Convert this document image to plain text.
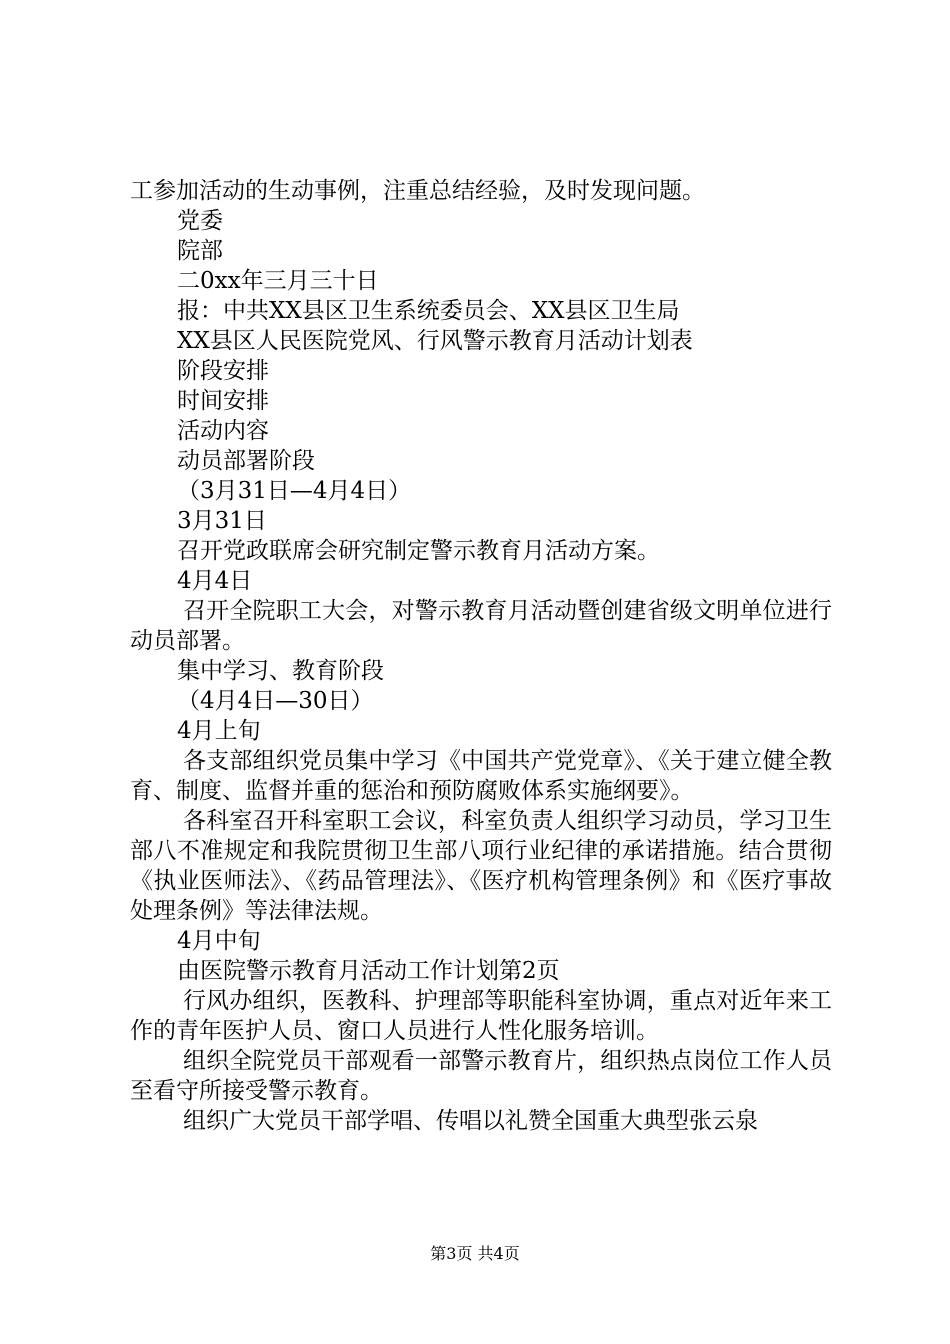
工参加活动的生动事例，注重总结经验，及时发现问题。
党委
院部
二0xx年三月三十日
报：中共XX县区卫生系统委员会、XX县区卫生局
XX县区人民医院党风、行风警示教育月活动计划表
阶段安排
时间安排
活动内容
动员部署阶段
（3月31日—4月4日）
3月31日
召开党政联席会研究制定警示教育月活动方案。
4月4日
召开全院职工大会，对警示教育月活动暨创建省级文明单位进行动员部署。
集中学习、教育阶段
（4月4日—30日）
4月上旬
各支部组织党员集中学习《中国共产党党章》、《关于建立健全教育、制度、监督并重的惩治和预防腐败体系实施纲要》。
各科室召开科室职工会议，科室负责人组织学习动员，学习卫生部八不准规定和我院贯彻卫生部八项行业纪律的承诺措施。结合贯彻《执业医师法》、《药品管理法》、《医疗机构管理条例》和《医疗事故处理条例》等法律法规。
4月中旬
由医院警示教育月活动工作计划第2页
行风办组织，医教科、护理部等职能科室协调，重点对近年来工作的青年医护人员、窗口人员进行人性化服务培训。
组织全院党员干部观看一部警示教育片，组织热点岗位工作人员至看守所接受警示教育。
组织广大党员干部学唱、传唱以礼赞全国重大典型张云泉
第3页 共4页
